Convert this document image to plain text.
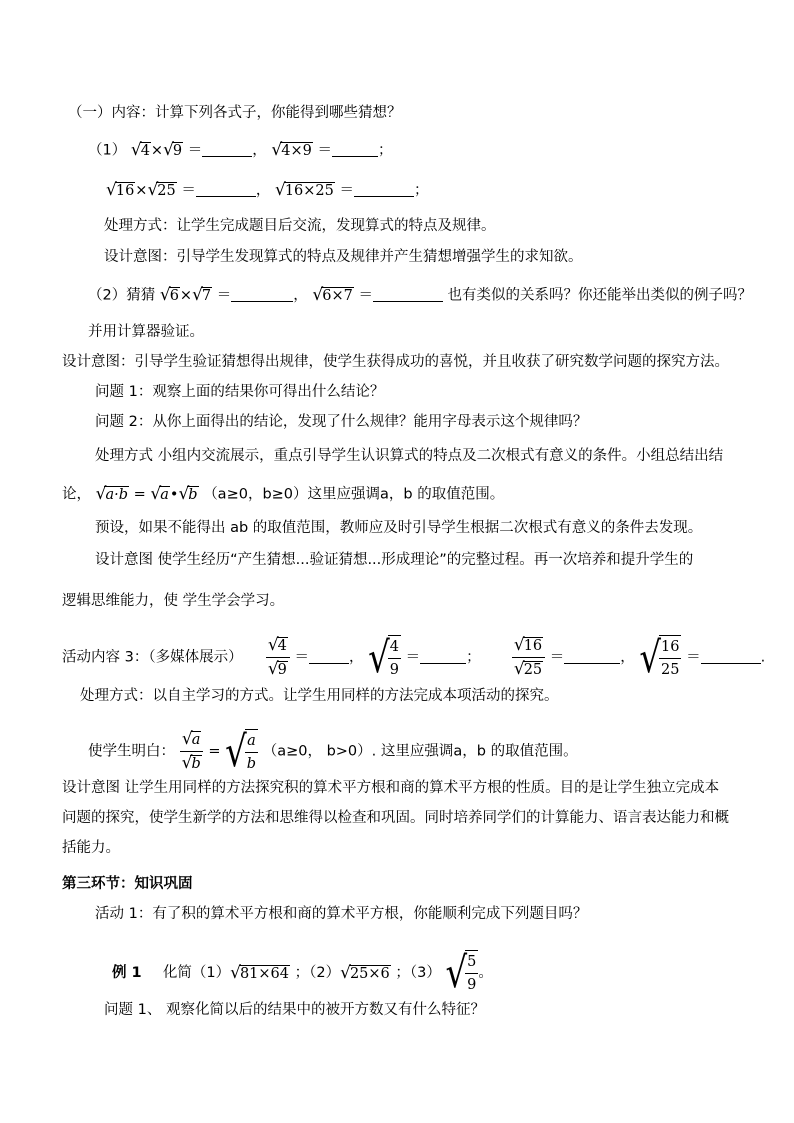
（一）内容：计算下列各式子，你能得到哪些猜想？
（1） √4×√9 ＝	， √4×9 ＝	；
√16×√25 ＝	， √16×25 ＝	；
处理方式：让学生完成题目后交流，发现算式的特点及规律。
设计意图：引导学生发现算式的特点及规律并产生猜想增强学生的求知欲。
（2）猜猜 √6×√7 ＝	， √6×7 ＝	也有类似的关系吗？你还能举出类似的例子吗？
并用计算器验证。
设计意图：引导学生验证猜想得出规律，使学生获得成功的喜悦，并且收获了研究数学问题的探究方法。
问题 1：观察上面的结果你可得出什么结论？
问题 2：从你上面得出的结论，发现了什么规律？能用字母表示这个规律吗？
处理方式 小组内交流展示，重点引导学生认识算式的特点及二次根式有意义的条件。小组总结出结
论， √a·b = √a•√b （a≥0，b≥0）这里应强调a，b 的取值范围。
预设，如果不能得出 ab 的取值范围，教师应及时引导学生根据二次根式有意义的条件去发现。
设计意图 使学生经历“产生猜想...验证猜想...形成理论”的完整过程。再一次培养和提升学生的
逻辑思维能力，使 学生学会学习。
活动内容 3：（多媒体展示） $\frac{√4}{√9}$ ＝	， √
$\frac{4}{9}$ ＝	； $\frac{√16}{√25}$ ＝	， √
$\frac{16}{25}$ ＝	.
处理方式：以自主学习的方式。让学生用同样的方法完成本项活动的探究。
使学生明白： $\frac{√a}{√b}$ = √
$\frac{a}{b} (a\ge 0$， b>0）. 这里应强调a，b 的取值范围。
设计意图 让学生用同样的方法探究积的算术平方根和商的算术平方根的性质。目的是让学生独立完成本
问题的探究，使学生新学的方法和思维得以检查和巩固。同时培养同学们的计算能力、语言表达能力和概
括能力。
第三环节：知识巩固
活动 1：有了积的算术平方根和商的算术平方根，你能顺利完成下列题目吗？
例 1 化简（1）√81×64 ；（2）√25×6 ；（3） √
$\frac{5}{9}$ 。
问题 1、 观察化简以后的结果中的被开方数又有什么特征？
